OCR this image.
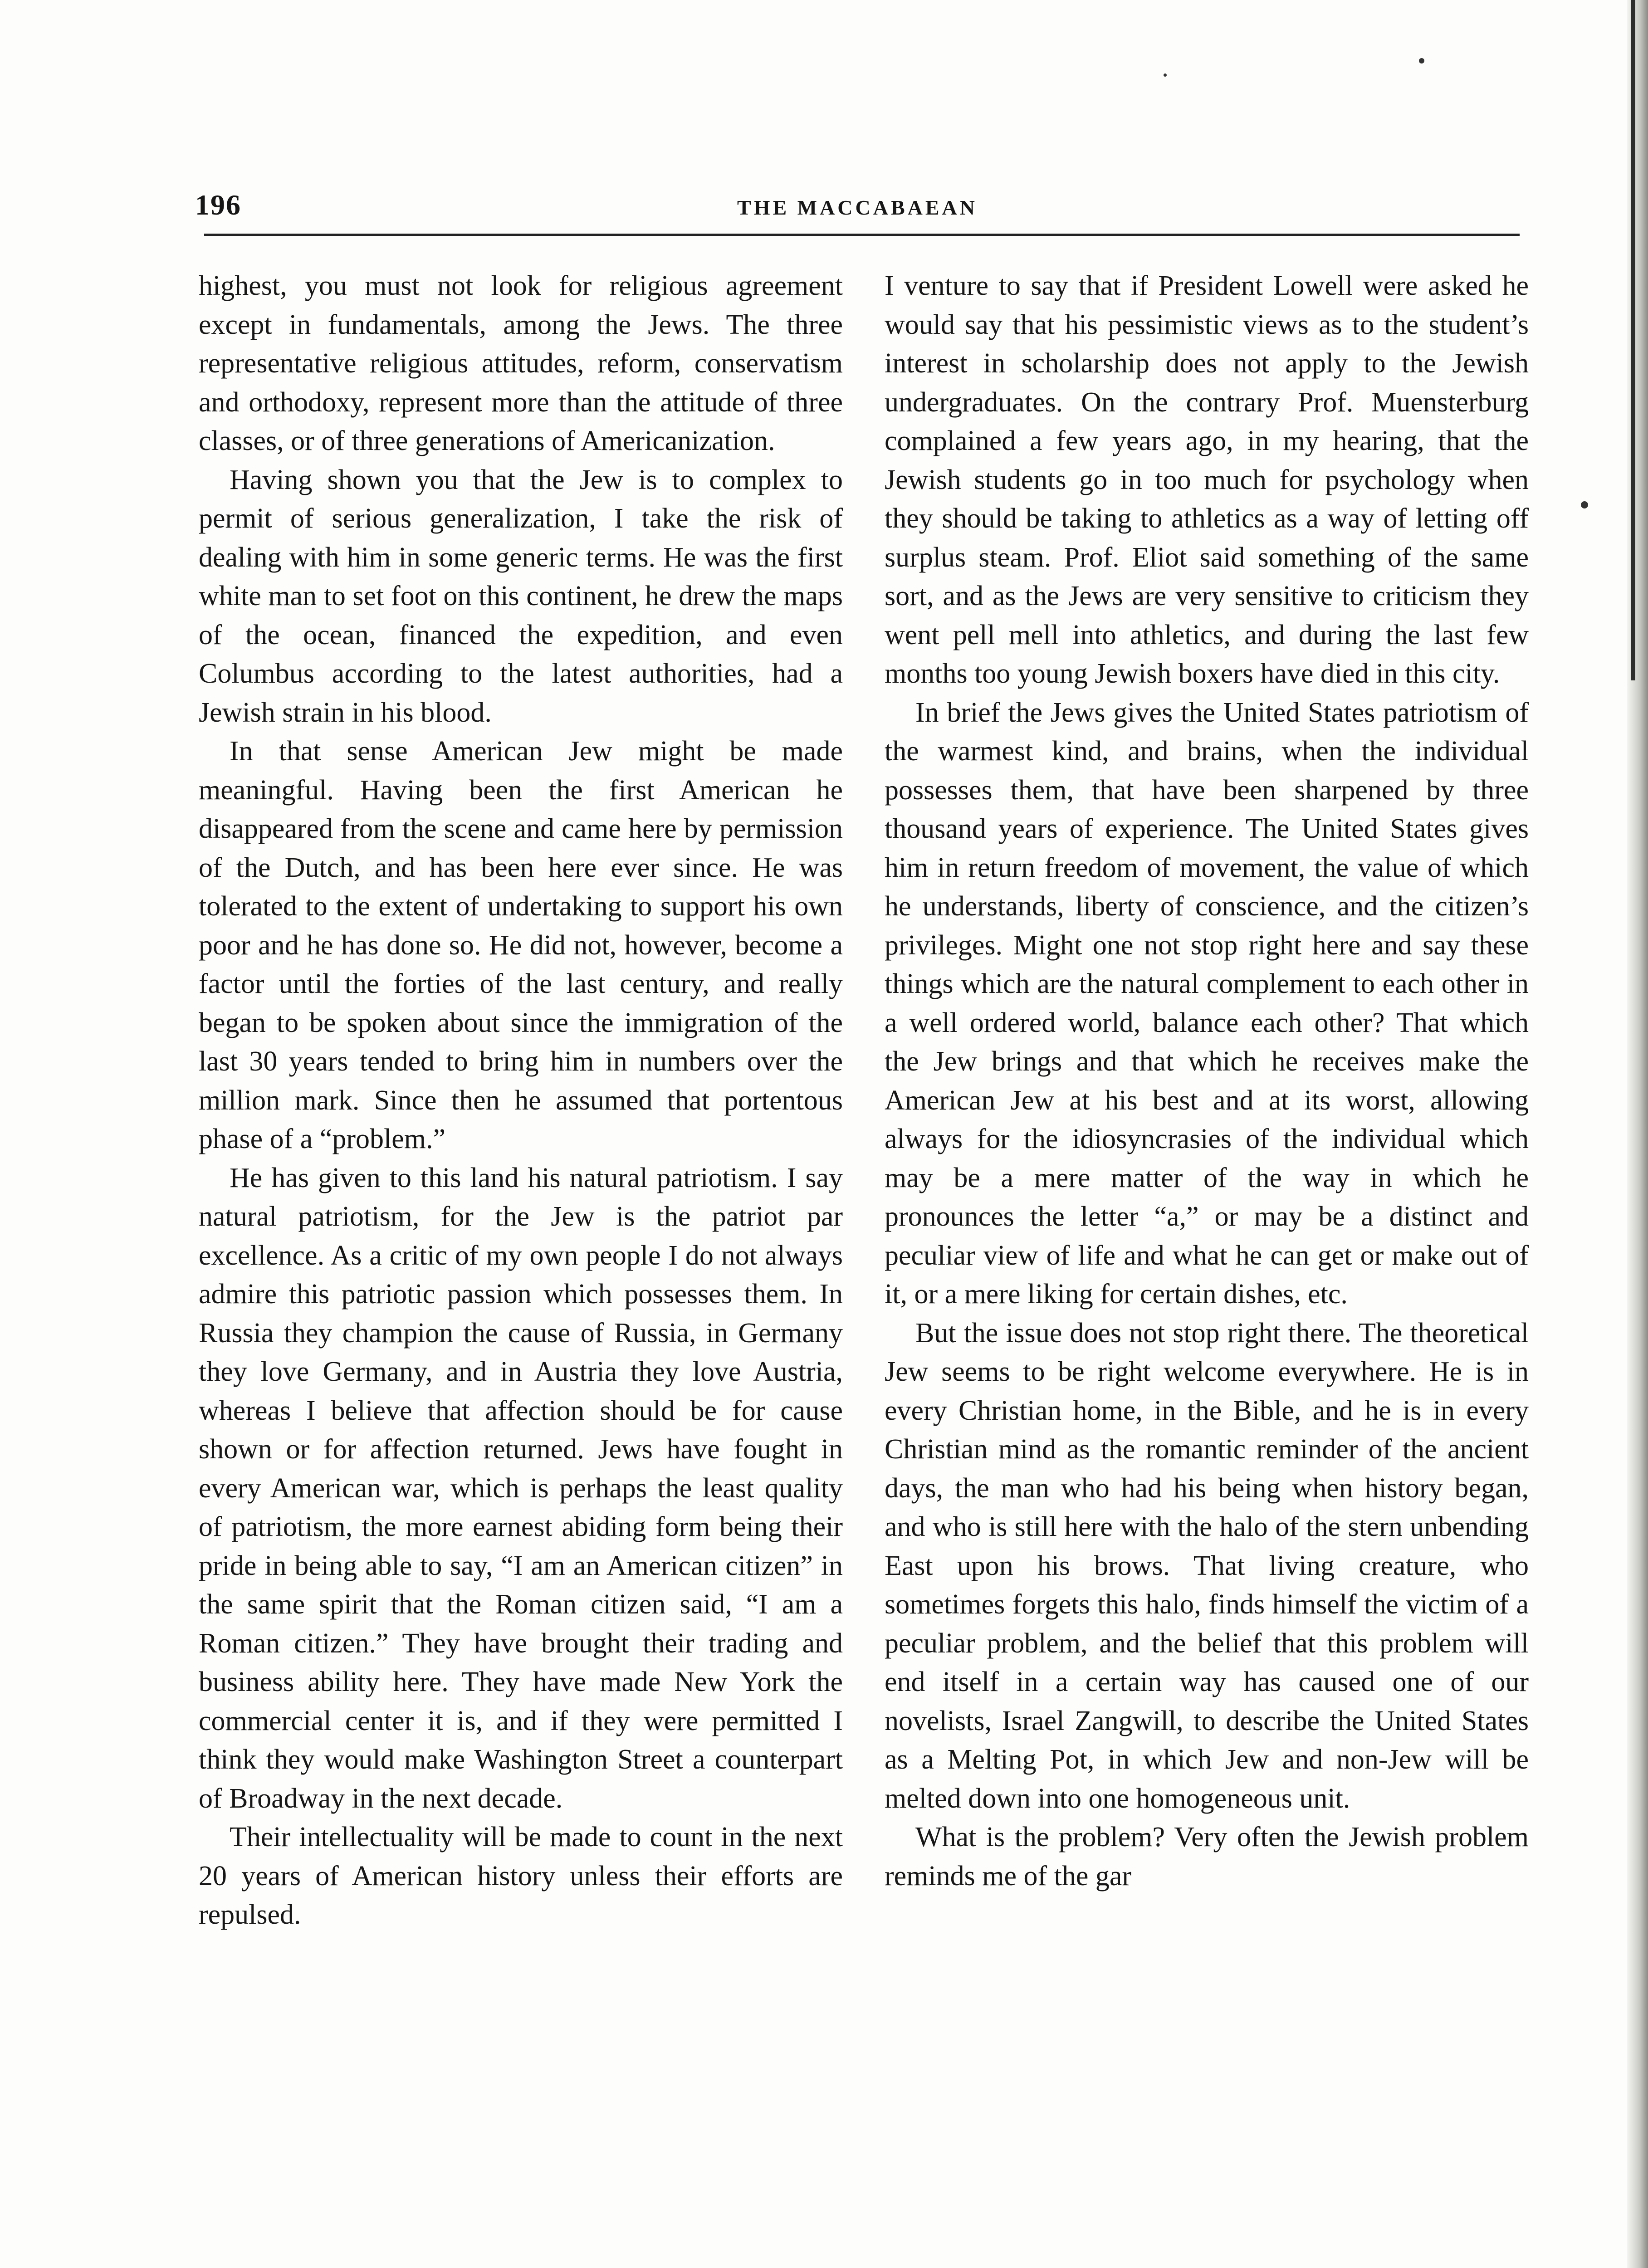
196	THE MACCABAEAN

highest, you must not look for religious agreement except in fundamentals, among the Jews. The three representative religious attitudes, reform, conservatism and orthodoxy, represent more than the attitude of three classes, or of three generations of Americanization.

Having shown you that the Jew is to complex to permit of serious generalization, I take the risk of dealing with him in some generic terms. He was the first white man to set foot on this continent, he drew the maps of the ocean, financed the expedition, and even Columbus according to the latest authorities, had a Jewish strain in his blood.

In that sense American Jew might be made meaningful. Having been the first American he disappeared from the scene and came here by permission of the Dutch, and has been here ever since. He was tolerated to the extent of undertaking to support his own poor and he has done so. He did not, however, become a factor until the forties of the last century, and really began to be spoken about since the immigration of the last 30 years tended to bring him in numbers over the million mark. Since then he assumed that portentous phase of a “problem.”

He has given to this land his natural patriotism. I say natural patriotism, for the Jew is the patriot par excellence. As a critic of my own people I do not always admire this patriotic passion which possesses them. In Russia they champion the cause of Russia, in Germany they love Germany, and in Austria they love Austria, whereas I believe that affection should be for cause shown or for affection returned. Jews have fought in every American war, which is perhaps the least quality of patriotism, the more earnest abiding form being their pride in being able to say, “I am an American citizen” in the same spirit that the Roman citizen said, “I am a Roman citizen.” They have brought their trading and business ability here. They have made New York the commercial center it is, and if they were permitted I think they would make Washington Street a counterpart of Broadway in the next decade.

Their intellectuality will be made to count in the next 20 years of American history unless their efforts are repulsed.

I venture to say that if President Lowell were asked he would say that his pessimistic views as to the student’s interest in scholarship does not apply to the Jewish undergraduates. On the contrary Prof. Muensterburg complained a few years ago, in my hearing, that the Jewish students go in too much for psychology when they should be taking to athletics as a way of letting off surplus steam. Prof. Eliot said something of the same sort, and as the Jews are very sensitive to criticism they went pell mell into athletics, and during the last few months too young Jewish boxers have died in this city.

In brief the Jews gives the United States patriotism of the warmest kind, and brains, when the individual possesses them, that have been sharpened by three thousand years of experience. The United States gives him in return freedom of movement, the value of which he understands, liberty of conscience, and the citizen’s privileges. Might one not stop right here and say these things which are the natural complement to each other in a well ordered world, balance each other? That which the Jew brings and that which he receives make the American Jew at his best and at its worst, allowing always for the idiosyncrasies of the individual which may be a mere matter of the way in which he pronounces the letter “a,” or may be a distinct and peculiar view of life and what he can get or make out of it, or a mere liking for certain dishes, etc.

But the issue does not stop right there. The theoretical Jew seems to be right welcome everywhere. He is in every Christian home, in the Bible, and he is in every Christian mind as the romantic reminder of the ancient days, the man who had his being when history began, and who is still here with the halo of the stern unbending East upon his brows. That living creature, who sometimes forgets this halo, finds himself the victim of a peculiar problem, and the belief that this problem will end itself in a certain way has caused one of our novelists, Israel Zangwill, to describe the United States as a Melting Pot, in which Jew and non-Jew will be melted down into one homogeneous unit.

What is the problem? Very often the Jewish problem reminds me of the gar
